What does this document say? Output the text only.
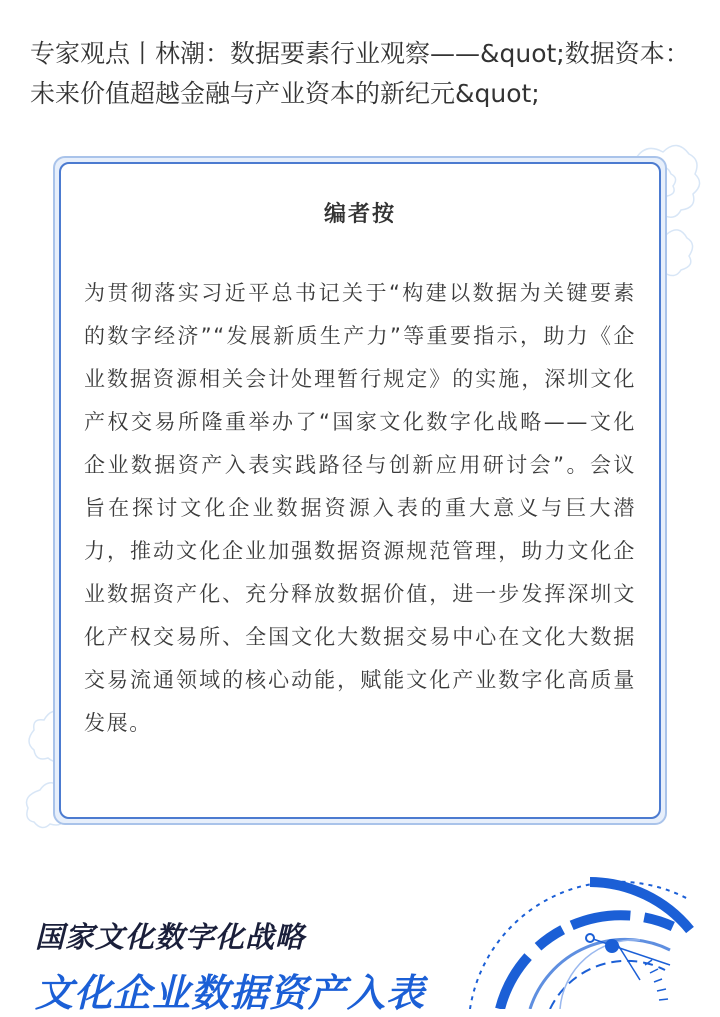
专家观点丨林潮：数据要素行业观察——&quot;数据资本：未来价值超越金融与产业资本的新纪元&quot;
编者按

为贯彻落实习近平总书记关于“构建以数据为关键要素的数字经济”“发展新质生产力”等重要指示，助力《企业数据资源相关会计处理暂行规定》的实施，深圳文化产权交易所隆重举办了“国家文化数字化战略——文化企业数据资产入表实践路径与创新应用研讨会”。会议旨在探讨文化企业数据资源入表的重大意义与巨大潜力，推动文化企业加强数据资源规范管理，助力文化企业数据资产化、充分释放数据价值，进一步发挥深圳文化产权交易所、全国文化大数据交易中心在文化大数据交易流通领域的核心动能，赋能文化产业数字化高质量发展。

国家文化数字化战略
文化企业数据资产入表
